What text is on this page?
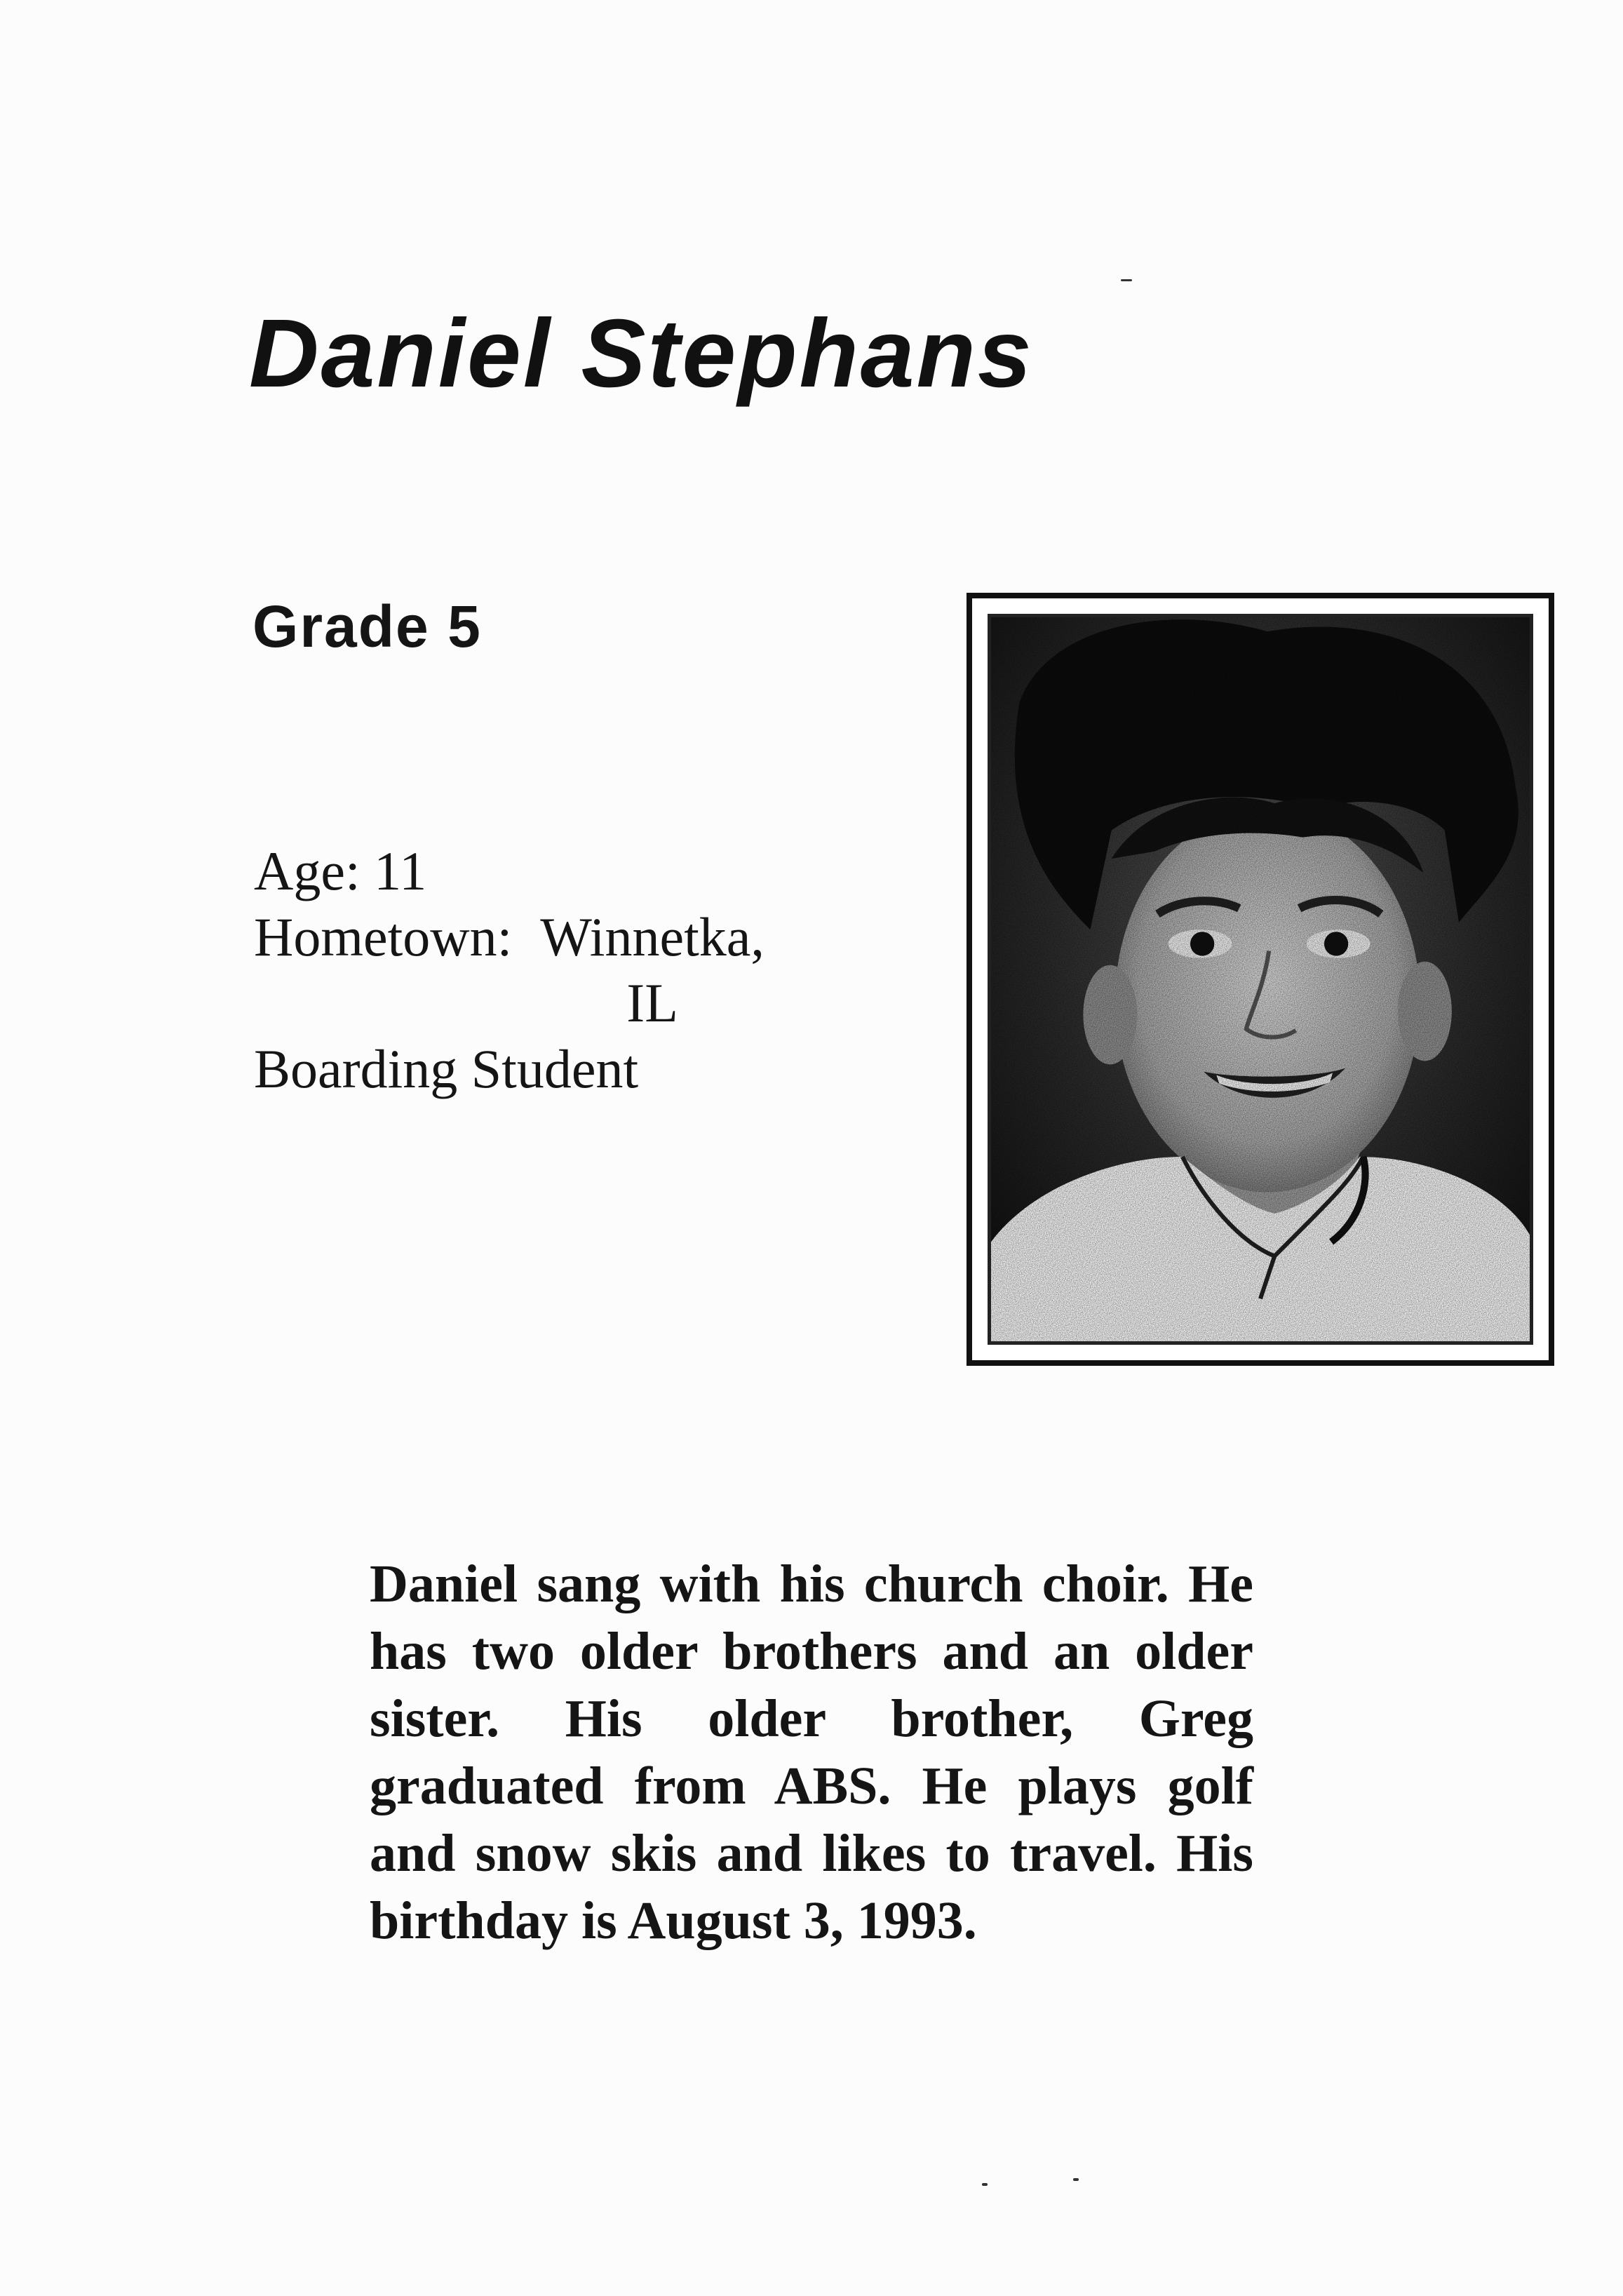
Daniel Stephans
Grade 5
Age: 11
Hometown: Winnetka,
IL
Boarding Student
Daniel sang with his church choir. He has two older brothers and an older sister. His older brother, Greg graduated from ABS. He plays golf and snow skis and likes to travel. His birthday is August 3, 1993.
